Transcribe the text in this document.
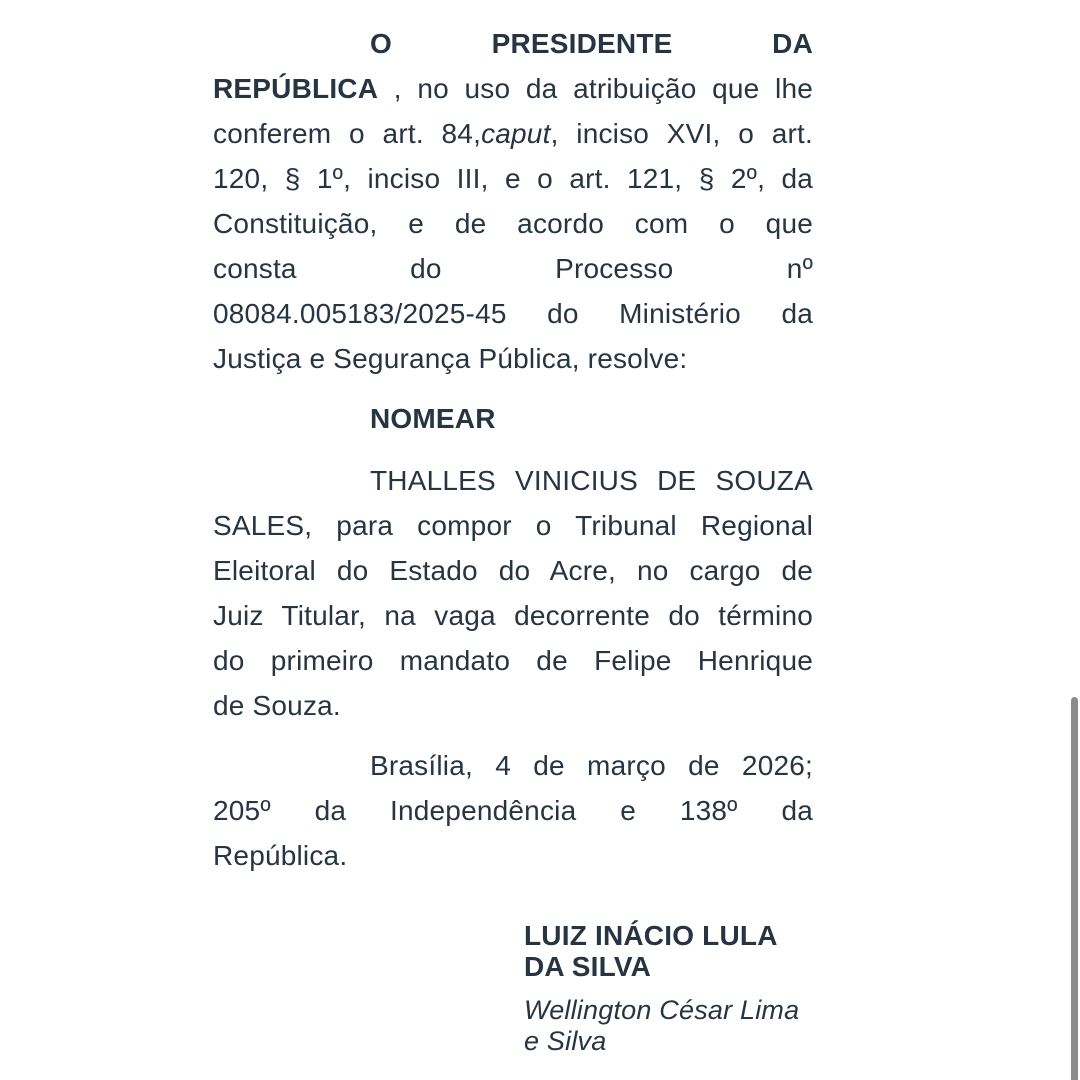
O PRESIDENTE DA
REPÚBLICA , no uso da atribuição que lhe
conferem o art. 84,caput, inciso XVI, o art.
120, § 1º, inciso III, e o art. 121, § 2º, da
Constituição, e de acordo com o que
consta do Processo nº
08084.005183/2025-45 do Ministério da
Justiça e Segurança Pública, resolve:
NOMEAR
THALLES VINICIUS DE SOUZA
SALES, para compor o Tribunal Regional
Eleitoral do Estado do Acre, no cargo de
Juiz Titular, na vaga decorrente do término
do primeiro mandato de Felipe Henrique
de Souza.
Brasília, 4 de março de 2026;
205º da Independência e 138º da
República.
LUIZ INÁCIO LULA
DA SILVA
Wellington César Lima
e Silva
